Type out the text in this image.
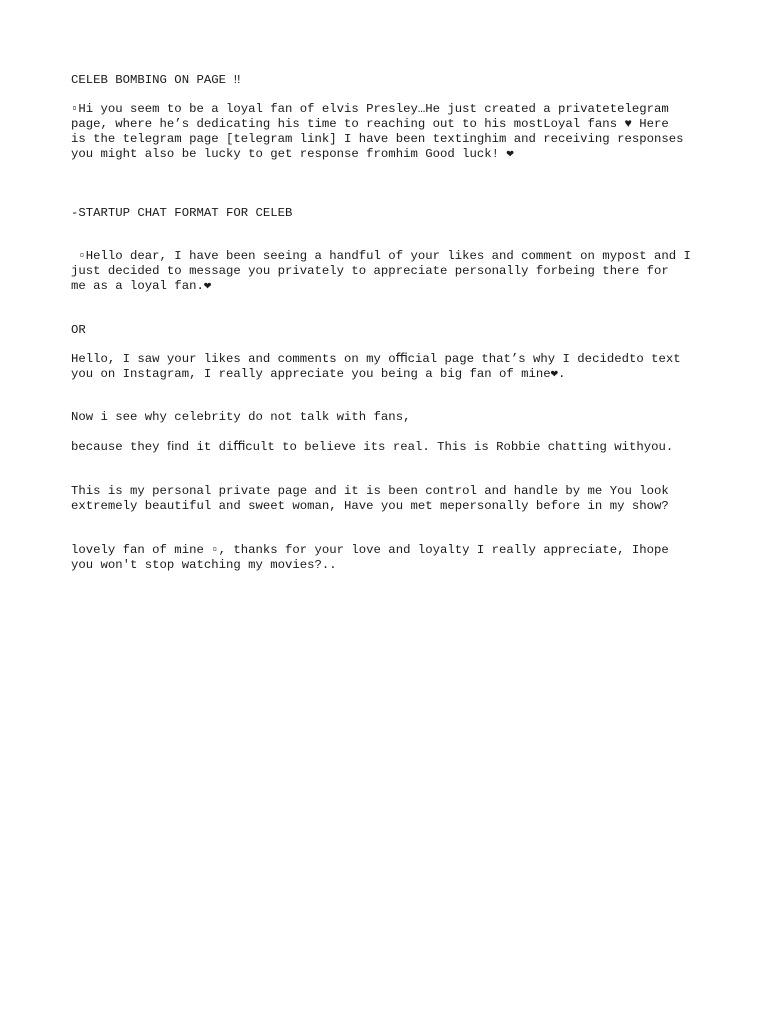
CELEB BOMBING ON PAGE ‼

▫Hi you seem to be a loyal fan of elvis Presley…He just created a privatetelegram

page, where he’s dedicating his time to reaching out to his mostLoyal fans ♥ Here

is the telegram page [telegram link] I have been textinghim and receiving responses

you might also be lucky to get response fromhim Good luck! ❤

-STARTUP CHAT FORMAT FOR CELEB

▫Hello dear, I have been seeing a handful of your likes and comment on mypost and I

just decided to message you privately to appreciate personally forbeing there for

me as a loyal fan.❤

OR

Hello, I saw your likes and comments on my oﬃcial page that’s why I decidedto text

you on Instagram, I really appreciate you being a big fan of mine❤.

Now i see why celebrity do not talk with fans,

because they ﬁnd it diﬃcult to believe its real. This is Robbie chatting withyou.

This is my personal private page and it is been control and handle by me You look

extremely beautiful and sweet woman, Have you met mepersonally before in my show?

lovely fan of mine ▫, thanks for your love and loyalty I really appreciate, Ihope

you won't stop watching my movies?..
